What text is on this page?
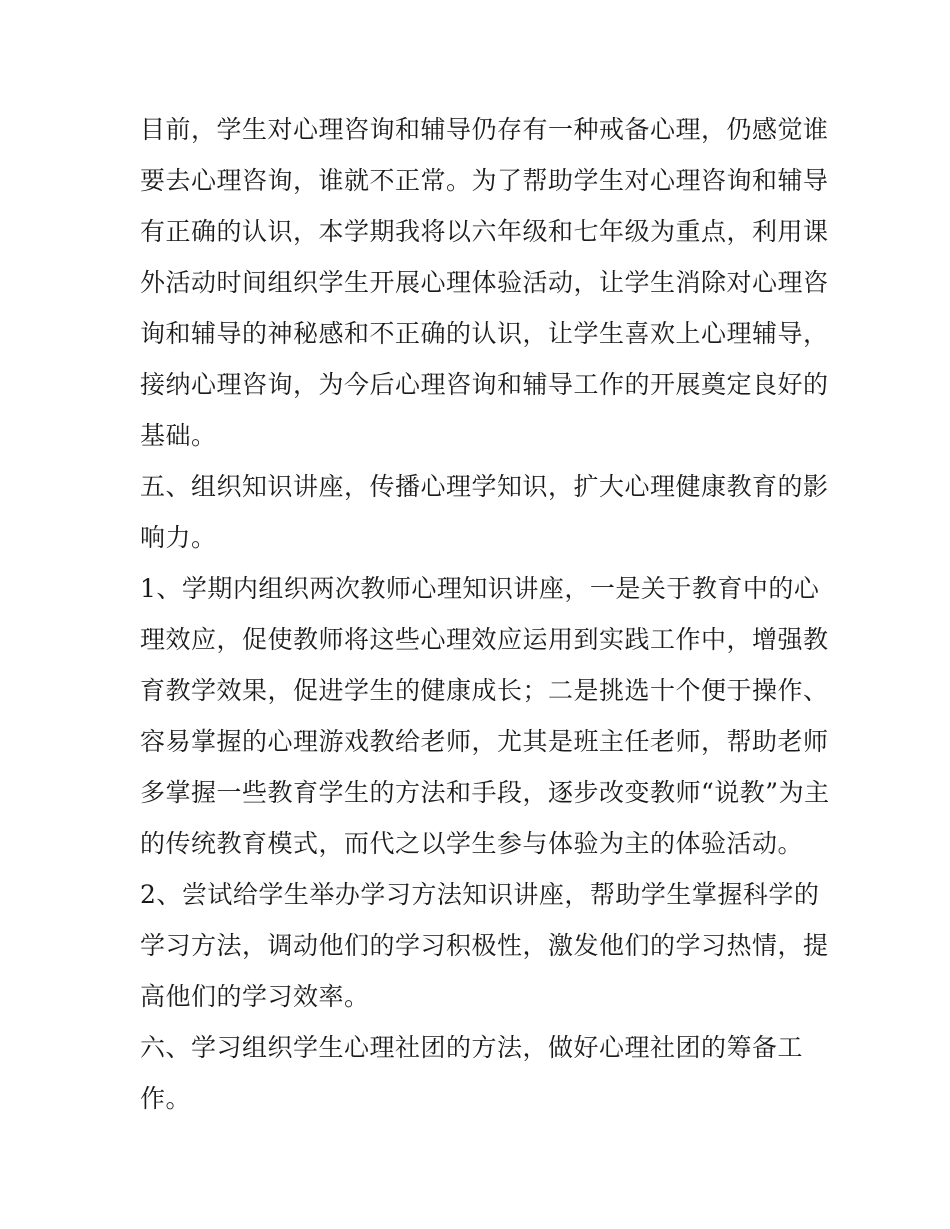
目前，学生对心理咨询和辅导仍存有一种戒备心理，仍感觉谁
要去心理咨询，谁就不正常。为了帮助学生对心理咨询和辅导
有正确的认识，本学期我将以六年级和七年级为重点，利用课
外活动时间组织学生开展心理体验活动，让学生消除对心理咨
询和辅导的神秘感和不正确的认识，让学生喜欢上心理辅导，
接纳心理咨询，为今后心理咨询和辅导工作的开展奠定良好的
基础。
五、组织知识讲座，传播心理学知识，扩大心理健康教育的影
响力。
1、学期内组织两次教师心理知识讲座，一是关于教育中的心
理效应，促使教师将这些心理效应运用到实践工作中，增强教
育教学效果，促进学生的健康成长；二是挑选十个便于操作、
容易掌握的心理游戏教给老师，尤其是班主任老师，帮助老师
多掌握一些教育学生的方法和手段，逐步改变教师“说教”为主
的传统教育模式，而代之以学生参与体验为主的体验活动。
2、尝试给学生举办学习方法知识讲座，帮助学生掌握科学的
学习方法，调动他们的学习积极性，激发他们的学习热情，提
高他们的学习效率。
六、学习组织学生心理社团的方法，做好心理社团的筹备工
作。
